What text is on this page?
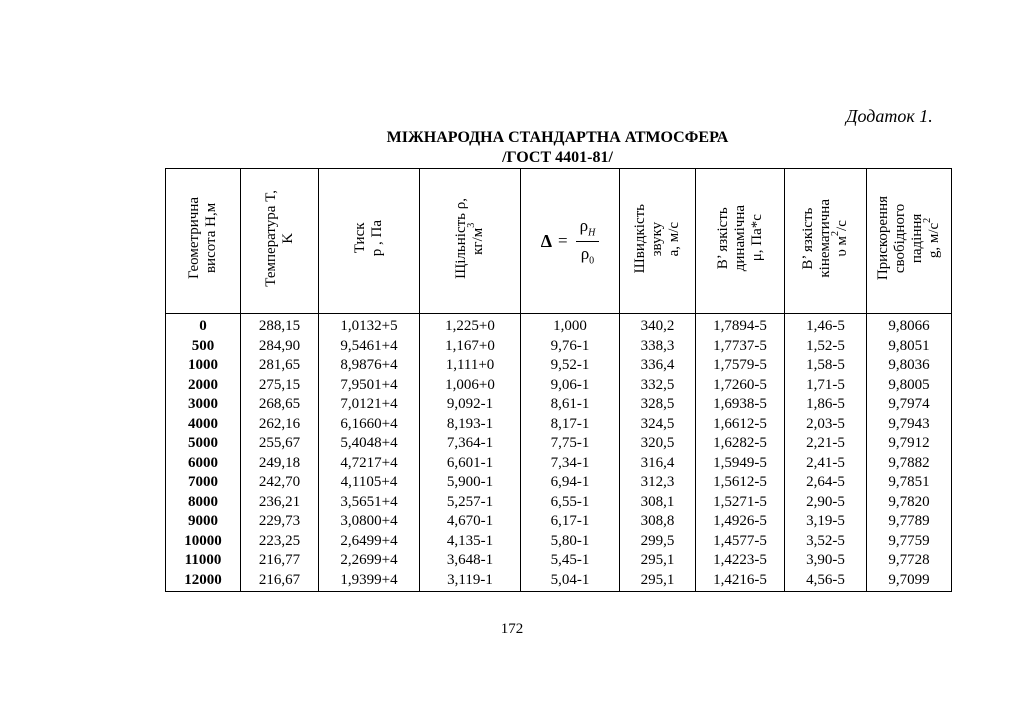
Додаток 1.
МІЖНАРОДНА СТАНДАРТНА АТМОСФЕРА
/ГОСТ 4401-81/
Геометрична висота H,м	Температура T, K	Тиск p , Па	Щільність ρ, $кг/м^3$	$\Delta = \frac{\rho_H}{\rho_0}$	Швидкість звуку a, м/с	В’ язкість динамічна μ, Па*с	В’ язкість кінематична υ $м^2/с$	Прискорення свобідного падіння g, $м/с^2$

0	288,15	1,0132+5	1,225+0	1,000	340,2	1,7894-5	1,46-5	9,8066
500	284,90	9,5461+4	1,167+0	9,76-1	338,3	1,7737-5	1,52-5	9,8051
1000	281,65	8,9876+4	1,111+0	9,52-1	336,4	1,7579-5	1,58-5	9,8036
2000	275,15	7,9501+4	1,006+0	9,06-1	332,5	1,7260-5	1,71-5	9,8005
3000	268,65	7,0121+4	9,092-1	8,61-1	328,5	1,6938-5	1,86-5	9,7974
4000	262,16	6,1660+4	8,193-1	8,17-1	324,5	1,6612-5	2,03-5	9,7943
5000	255,67	5,4048+4	7,364-1	7,75-1	320,5	1,6282-5	2,21-5	9,7912
6000	249,18	4,7217+4	6,601-1	7,34-1	316,4	1,5949-5	2,41-5	9,7882
7000	242,70	4,1105+4	5,900-1	6,94-1	312,3	1,5612-5	2,64-5	9,7851
8000	236,21	3,5651+4	5,257-1	6,55-1	308,1	1,5271-5	2,90-5	9,7820
9000	229,73	3,0800+4	4,670-1	6,17-1	308,8	1,4926-5	3,19-5	9,7789
10000	223,25	2,6499+4	4,135-1	5,80-1	299,5	1,4577-5	3,52-5	9,7759
11000	216,77	2,2699+4	3,648-1	5,45-1	295,1	1,4223-5	3,90-5	9,7728
12000	216,67	1,9399+4	3,119-1	5,04-1	295,1	1,4216-5	4,56-5	9,7099
172
